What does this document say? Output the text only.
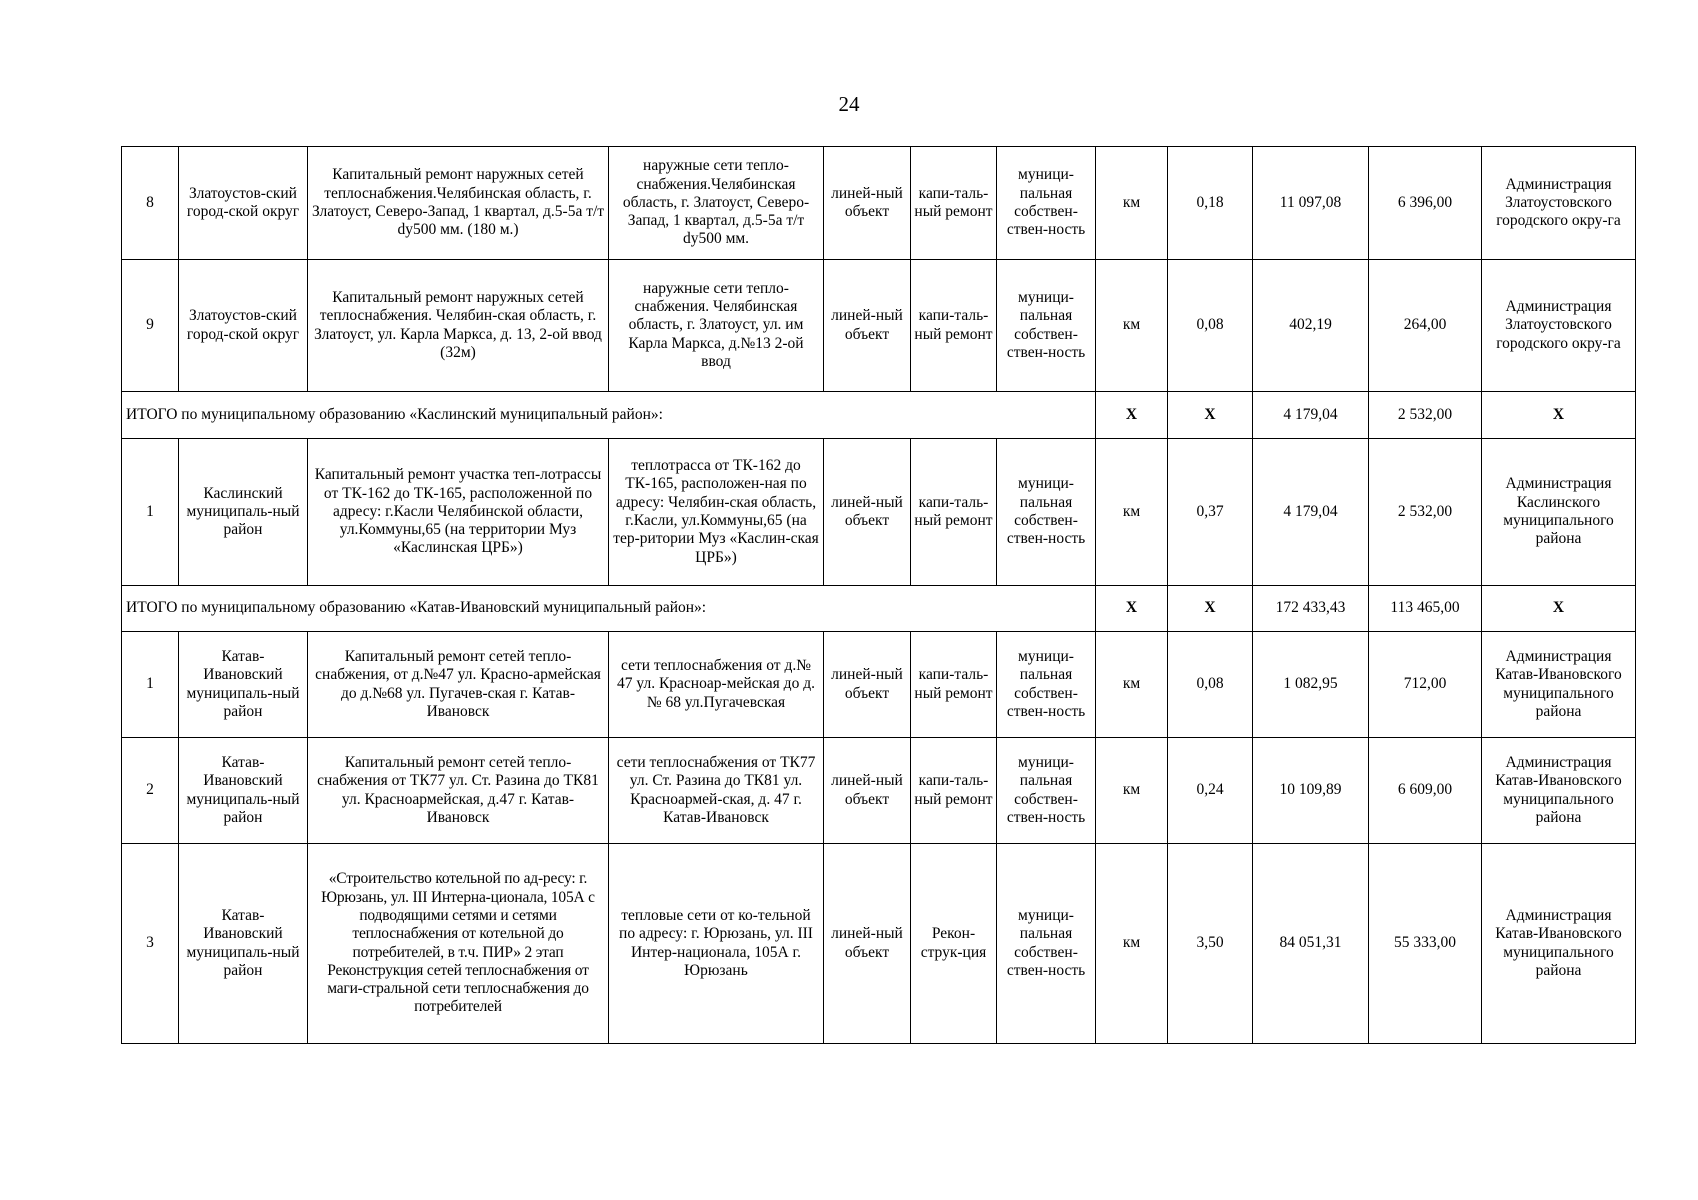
24
8	Златоустов-ский город-ской округ	Капитальный ремонт наружных сетей теплоснабжения.Челябинская область, г. Златоуст, Северо-Запад, 1 квартал, д.5-5а т/т dу500 мм. (180 м.)	наружные сети тепло-снабжения.Челябинская область, г. Златоуст, Северо-Запад, 1 квартал, д.5-5а т/т dу500 мм.	линей-ный объект	капи-таль-ный ремонт	муници-пальная собствен-ствен-ность	км	0,18	11 097,08	6 396,00	Администрация Златоустовского городского окру-га
9	Златоустов-ский город-ской округ	Капитальный ремонт наружных сетей теплоснабжения. Челябин-ская область, г. Златоуст, ул. Карла Маркса, д. 13, 2-ой ввод (32м)	наружные сети тепло-снабжения. Челябинская область, г. Златоуст, ул. им Карла Маркса, д.№13 2-ой ввод	линей-ный объект	капи-таль-ный ремонт	муници-пальная собствен-ствен-ность	км	0,08	402,19	264,00	Администрация Златоустовского городского окру-га
ИТОГО по муниципальному образованию «Каслинский муниципальный район»:							X	X	4 179,04	2 532,00	X
1	Каслинский муниципаль-ный район	Капитальный ремонт участка теп-лотрассы от ТК-162 до ТК-165, расположенной по адресу: г.Касли Челябинской области, ул.Коммуны,65 (на территории Муз «Каслинская ЦРБ»)	теплотрасса от ТК-162 до ТК-165, расположен-ная по адресу: Челябин-ская область, г.Касли, ул.Коммуны,65 (на тер-ритории Муз «Каслин-ская ЦРБ»)	линей-ный объект	капи-таль-ный ремонт	муници-пальная собствен-ствен-ность	км	0,37	4 179,04	2 532,00	Администрация Каслинского муниципального района
ИТОГО по муниципальному образованию «Катав-Ивановский муниципальный район»:							X	X	172 433,43	113 465,00	X
1	Катав-Ивановский муниципаль-ный район	Капитальный ремонт сетей тепло-снабжения, от д.№47 ул. Красно-армейская до д.№68 ул. Пугачев-ская г. Катав-Ивановск	сети теплоснабжения от д.№ 47 ул. Красноар-мейская до д.№ 68 ул.Пугачевская	линей-ный объект	капи-таль-ный ремонт	муници-пальная собствен-ствен-ность	км	0,08	1 082,95	712,00	Администрация Катав-Ивановского муниципального района
2	Катав-Ивановский муниципаль-ный район	Капитальный ремонт сетей тепло-снабжения от ТК77 ул. Ст. Разина до ТК81 ул. Красноармейская, д.47 г. Катав-Ивановск	сети теплоснабжения от ТК77 ул. Ст. Разина до ТК81 ул. Красноармей-ская, д. 47 г. Катав-Ивановск	линей-ный объект	капи-таль-ный ремонт	муници-пальная собствен-ствен-ность	км	0,24	10 109,89	6 609,00	Администрация Катав-Ивановского муниципального района
3	Катав-Ивановский муниципаль-ный район	«Строительство котельной по ад-ресу: г. Юрюзань, ул. III Интерна-ционала, 105А с подводящими сетями и сетями теплоснабжения от котельной до потребителей, в т.ч. ПИР» 2 этап Реконструкция сетей теплоснабжения от маги-стральной сети теплоснабжения до потребителей	тепловые сети от ко-тельной по адресу: г. Юрюзань, ул. III Интер-национала, 105А г. Юрюзань	линей-ный объект	Рекон-струк-ция	муници-пальная собствен-ствен-ность	км	3,50	84 051,31	55 333,00	Администрация Катав-Ивановского муниципального района
